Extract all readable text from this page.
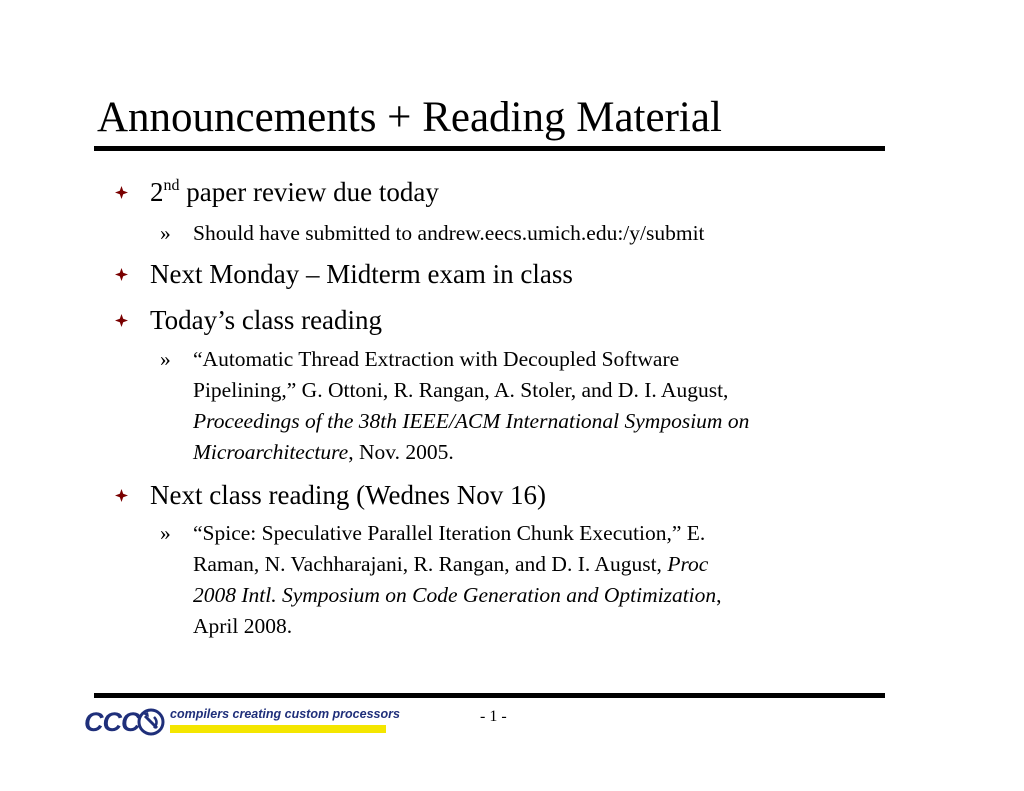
Announcements + Reading Material
2nd paper review due today
» Should have submitted to andrew.eecs.umich.edu:/y/submit
Next Monday – Midterm exam in class
Today’s class reading
» “Automatic Thread Extraction with Decoupled Software
Pipelining,” G. Ottoni, R. Rangan, A. Stoler, and D. I. August,
Proceedings of the 38th IEEE/ACM International Symposium on
Microarchitecture, Nov. 2005.
Next class reading (Wednes Nov 16)
» “Spice: Speculative Parallel Iteration Chunk Execution,” E.
Raman, N. Vachharajani, R. Rangan, and D. I. August, Proc
2008 Intl. Symposium on Code Generation and Optimization,
April 2008.
CCC compilers creating custom processors	- 1 -
